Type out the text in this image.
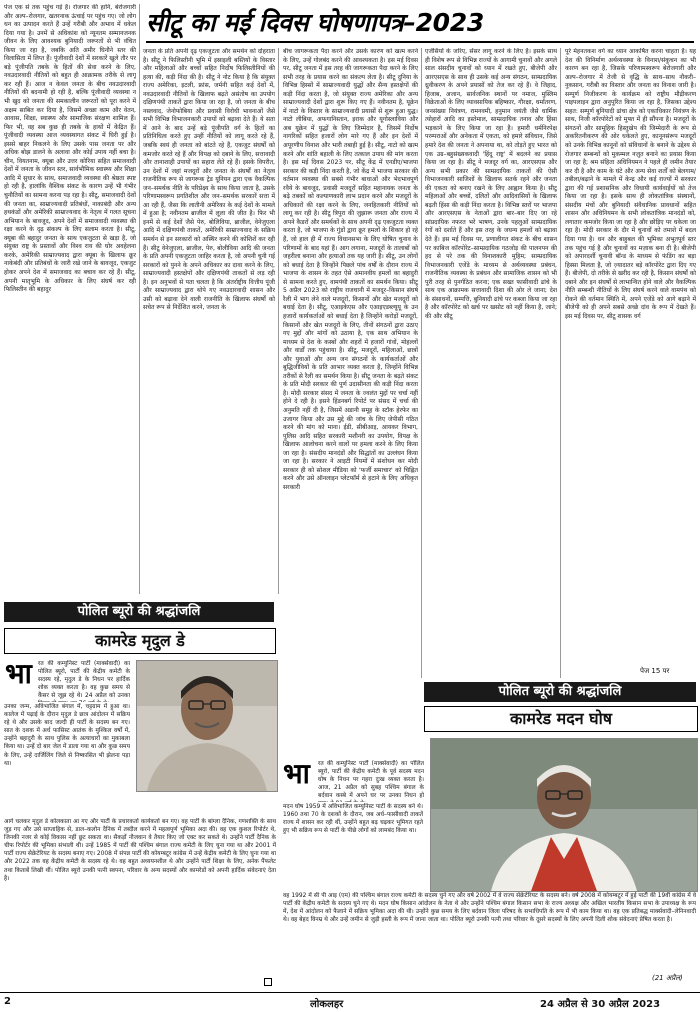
सीटू का मई दिवस घोषणापत्र–2023
पेज एक से तक पहुंच गई है। रोजगार की हानि, बेरोजगारी और अल्प–रोजगार, खतरनाक ऊंचाई पर पहुंच गए। जो लोग धन का उत्पादन करते हैं उन्हें गरीबी और अभाव में धकेल दिया गया है। उनमें से अधिकांश को न्यूनतम सम्मानजनक जीवन के लिए आवश्यक बुनियादी जरूरतों से भी वंचित किया जा रहा है, जबकि अति अमीर घिनौने स्तर की विलासिता में लिप्त हैं। पूंजीवादी देशों में सरकारें खुले तौर पर बड़े पूंजीपति तबके के हितों की सेवा करने के लिए, नवउदारवादी नीतियों को बहुत ही आक्रामक तरीके से लागू कर रही हैं। आज न केवल जनता के बीच नवउदारवादी नीतियों की बदनामी हो रही है, बल्कि पूंजीवादी व्यवस्था न भी खुद को जनता की समकालीन जरूरतों को पूरा करने में अक्षम साबित कर दिया है, जिसमें अच्छा काम और वेतन, आवास, शिक्षा, स्वास्थ्य और सामाजिक संरक्षण शामिल हैं। फिर भी, वह सब कुछ ही तबके के हाथों में केंद्रित हैं। पूंजीवादी व्यवस्था आज व्यवस्थागत संकट में घिरी हुई है। इससे बाहर निकलने के लिए उसके पास जनता पर और अधिक बोझ डालने के अलावा और कोई उपाय नहीं बचा है। चीन, वियतनाम, क्यूबा और उत्तर कोरिया सहित समाजवादी देशों में जनता के जीवन स्तर, सार्वभौमिक स्वास्थ्य और शिक्षा आदि में सुधार के साथ, समाजवादी व्यवस्था की श्रेष्ठता स्पष्ट हो रही है, हालांकि वैश्विक संकट के कारण उन्हें भी गंभीर चुनौतियों का सामना करना पड़ रहा है। सीटू, समाजवादी देशों की जनता का, साम्राज्यवादी प्रतिबंधों, नाकाबंदी और अन्य हथकंडों और अमेरिकी साम्राज्यवाद के नेतृत्व में गलत सूचना अभियान के बावजूद, अपने देशों में समाजवादी व्यवस्था की रक्षा करने के दृढ़ संकल्प के लिए सलाम करता है। सीटू, क्यूबा की बहादुर जनता के साथ एकजुटता से खड़ा है, जो संयुक्त राष्ट्र के प्रस्तावों और विश्व राय की घोर अवहेलना करके, अमेरिकी साम्राज्यवाद द्वारा क्यूबा के खिलाफ क्रूर नाकेबंदी और प्रतिबंधों के जारी रखे जाने के बावजूद, एकजुट होकर अपने देश में समाजवाद का बचाव कर रहे हैं। सीटू, अपनी मातृभूमि के अधिकार के लिए संघर्ष कर रही फिलिस्तीन की बहादुर
जनता के प्रति अपनी दृढ़ एकजुटता और समर्थन को दोहराता है। सीटू ने फिलिस्तीनी भूमि में इस्राइली बस्तियों के विस्तार और महिलाओं और बच्चों सहित निर्दोष फिलिस्तीनियों की हत्या की, कड़ी निंदा की है। सीटू ने नोट किया है कि संयुक्त राज्य अमेरिका, इटली, फ्रांस, जर्मनी सहित कई देशों में, नवउदारवादी नीतियों के खिलाफ बढ़ते असंतोष का उपयोग दक्षिणपंथी ताकतें द्वारा किया जा रहा है, जो जनता के बीच नस्लवाद, जेनोफोबिया और प्रवासी विरोधी भावनाओं जैसे सभी विभिन्न विभाजनकारी उपायों को बढ़ावा देते हैं। ये सता में आने के बाद उन्हें बड़े पूंजीपति वर्ग के हितों का प्रतिनिधित्व करते हुए उन्हीं नीतियों को लागू करते रहे हैं, जबकि स्वयं ही जनता को बांटते रहे हैं, एकजुट संघर्षों को कमजोर करते रहे हैं और विपक्ष को दबाने के लिए, सत्तावादी और तानाशाही उपायों का सहारा लेते रहे हैं। इसके विपरीत, उन देशों में जहां मजदूरों और जनता के संघर्षों का नेतृत्व राजनीतिक रूप से जागरूक ट्रेड यूनियन द्वारा एक वैकल्पिक जन–समर्थक नीति के परिप्रेक्ष्य के साथ किया जाता है, उसके परिणामस्वरूप प्रगतिशील और जन–समर्थक सरकारें सत्ता में आ रही हैं, जैसा कि लातीनी अमेरिका के कई देशों के मामले में हुआ है; नवीनतम ब्राजील में लूला की जीत है। फिर भी इनमें से कई देशों जैसे पेरु, बोलिविया, ब्राजील, वेनेजुएला आदि में दक्षिणपंथी ताकतें, अमेरिकी साम्राज्यवाद के सक्रिय समर्थन से इन सरकारों को अस्थिर करने की कोशिशें कर रही हैं। सीटू वेनेजुएला, ब्राजील, पेरु, बोलीविया आदि की जनता के प्रति अपनी एकजुटता जाहिर करता है, जो अपनी चुनी गई सरकारों को पुनने के अपने अधिकार का दावा करने के लिए, साम्राज्यवादी हस्तक्षेपों और दक्षिणपंथी ताकतों से लड़ रही है। इन अनुभवों से पता चलता है कि अंतर्राष्ट्रीय वित्तीय पूंजी और साम्राज्यवाद द्वारा थोपे गए नवउदारवादी शासन और उसी को बढ़ावा देने वाली राजनीति के खिलाफ संघर्षों को सचेत रूप से निर्देशित करने, जनता के
बीच जागरूकता पैदा करने और उसके कारण को खत्म करने के लिए, उन्हें गोलबंद करने की आवश्यकता है। इस मई दिवस पर, सीटू जनता में इस तरह की जागरूकता पैदा करने के लिए सभी तरह के प्रयास करने का संकल्प लेता है। सीटू दुनिया के विभिन्न हिस्सों में साम्राज्यवादी युद्धों और सैन्य हस्तक्षेपों की कड़ी निंदा करता है, जो संयुक्त राज्य अमेरिका और अन्य साम्राज्यवादी देशों द्वारा शुरू किए गए हैं। नवीनतम है, यूक्रेन में नाटो के विस्तार के साम्राज्यवादी प्रयासों से शुरू हुआ युद्ध। नाटो लीबिया, अफगानिस्तान, इराक और यूगोस्लाविया और अब यूक्रेन में युद्धों के लिए जिम्मेदार है, जिसमें निर्दोष नागरिकों सहित हजारों लोग मारे गए हैं और इन देशों में अपूरणीय विनाश और भारी तबाही हुई है। सीटू, नाटो को खत्म करने और शांति बहाली के लिए तत्काल उपाय की मांग करता है। इस मई दिवस 2023 पर, सीटू केंद्र में एनडीए/भाजपा सरकार की कड़ी निंदा करती है, जो केंद्र में भाजपा सरकार की वर्तमान व्यवस्था की सबसे गंभीर बाधाओं और भेदभावपूर्ण रवैये के बावजूद, प्रवासी मजदूरों सहित महानायक जनता के बढ़े तबकों को कल्याणकारी लाभ प्रदान करने और मजदूरों के अधिकारों की रक्षा करने के लिए, जनहितकारी नीतियों को लागू कर रही है। सीटू त्रिपुरा की जुझारू जनता और राज्य में अपने कैडरों और समर्थकों के साथ अपनी दृढ़ एकजुटता व्यक्त करता है, जो भाजपा के गुंडों द्वारा क्रूर हमलों के शिकार हो रहे हैं, जो हाल ही में राज्य विधानसभा के लिए घोषित चुनाव के परिणामों के बाद यहां हैं। आग लगाना, मजदूरों के तालाबों को जहरीला बनाना और हत्याओं तक यह जारी है। सीटू, उन लोगों को बधाई देता है जिन्होंने पिछले पांच वर्षों के दौरान राज्य में भाजपा के शासन के तहत ऐसे अमानवीय हमलों का बहादुरी से सामना करते हुए, वामपंथी ताकतों का समर्थन किया। सीटू 5 अप्रैल 2023 को राष्ट्रीय राजधानी में मजदूर–किसान संघर्ष रैली में भाग लेने वाले मजदूरों, किसानों और खेत मजदूरों को बधाई देता है। सीटू, एआइकेएस और एआइएडब्ल्यूयू के उन हजारों कार्यकर्ताओं को बधाई देता है जिन्होंने करोड़ों मजदूरों, किसानों और खेत मजदूरों के लिए, तीनों संगठनों द्वारा उठाए गए मुद्दों और मांगों को उठाया है, एक साथ अभियान के माध्यम से देश के कस्बों और शहरों में हजारों गांवों, मोहल्लों और वार्डों तक पहुंचाया है। सीटू, मजदूरों, महिलाओं, छात्रों और युवाओं और अन्य जन संगठनों के कार्यकर्ताओं और बुद्धिजीवियों के प्रति आभार व्यक्त करता है, जिन्होंने विभिन्न तरीकों से रैली का समर्थन किया है। सीटू जनता के बढ़ते संकट के प्रति मोदी सरकार की पूर्ण उदासीनता की कड़ी निंदा करता है। मोदी सरकार संसद में जनता के ज्वलंत मुद्दों पर चर्चा नहीं होने दे रही है। इसने हिंडनबर्ग रिपोर्ट पर संसद में चर्चा की अनुमति नहीं दी है, जिसमें अडानी समूह के स्टॉक हेरफेर का उजागर किया और उस मुद्दे की जांच के लिए जेपीसी गठित करने की मांग को माना। ईडी, सीबीआइ, आयकर विभाग, पुलिस आदि सहित सरकारी मशीनरी का उपयोग, विपक्ष के खिलाफ आलोचना करने वालों पर हमला करने के लिए किया जा रहा है। संसदीय मानदंडों और सिद्धांतों का उल्लंघन किया जा रहा है। सरकार ने आइटी नियमों में संशोधन कर मोदी सरकार ही को सोशल मीडिया को 'फर्जी समाचार' को चिह्नित करने और उसे ऑनलाइन प्लेटफॉर्म से हटाने के लिए अधिकृत सरकारी
एजेंसियों के जरिए, सेंसर लागू करने के लिए है। इसके साथ ही विशेष रूप से विभिन्न राज्यों के आगामी चुनावों और अगले साल संसदीय चुनावों को ध्यान में रखते हुए, बीजेपी और आरएसएस के साथ ही उसके कई अन्य संगठन, साम्प्रदायिक ध्रुवीकरण के अपने प्रयासों को तेज कर रहे हैं। वे जिहाद, हिजाब, अजान, सार्वजनिक स्थानों पर नमाज, मुस्लिम विक्रेताओं के लिए व्यावसायिक बहिष्कार, गौरक्षा, धर्मांतरण, जनसंख्या नियंत्रण, रामनवमी, हनुमान जयंती जैसे धार्मिक त्योहारों आदि का इस्तेमाल, साम्प्रदायिक तनाव और हिंसा भड़काने के लिए किया जा रहा है। हमारी धर्मनिरपेक्ष परम्पराओं और अनेकता में एकता, को हमारे संविधान, जिसे हमारे देश की जनता ने अपनाया था, को तोड़ते हुए भारत को एक उग्र–बहुसंख्यकवादी 'हिंदू राष्ट्र' में बदलने का प्रयास किया जा रहा है। सीटू ने मजदूर वर्ग का, आरएसएस और अन्य सभी प्रकार की साम्प्रदायिक ताकतों की ऐसी विभाजनकारी साजिशों के खिलाफ सतर्क रहने और जनता की एकता को बनाए रखने के लिए आह्वान किया है। सीटू महिलाओं और बच्चों, दलितों और आदिवासियों के खिलाफ बढ़ती हिंसा की कड़ी निंदा करता है। विभिन्न स्तरों पर भाजपा और आरएसएस के नेताओं द्वारा बार–बार दिए जा रहे सांप्रदायिक नफरत भरे भाषण, उनके पहलुओं साम्प्रदायिक रंगों को दर्शाते हैं और इस तरह के जघन्य हमलों को बढ़ावा देते हैं। इस मई दिवस पर, प्रणालीगत संकट के बीच शासन पर काबिज कॉरपोरेट–साम्प्रदायिक गठजोड़ की पालनपन की हद से परे तक की विनाशकारी मुहिम; साम्प्रदायिक विभाजनकारी एजेंडे के माध्यम से अर्थव्यवस्था प्रबंधन, राजनीतिक व्यवस्था के प्रबंधन और सामाजिक शासन को भी पूरी तरह से पुनर्गठित करना; एक सख्त फासीवादी ढांचे के साथ एक आक्रामक सत्तावादी दिशा की ओर ले जाना; देश के संसाधनों, सम्पत्ति, बुनियादी ढांचे पर कब्जा किया जा रहा है और कॉरपोरेट को खर्च पर खसोट को नहीं किया है, जाने; की और सीटू
पूरे मेहनतकश वर्ग का ध्यान आकर्षित करना चाहता है। यह देश की विनिर्माण अर्थव्यवस्था के विनाश/संकुचन का भी कारण बन रहा है, जिसके परिणामस्वरूप बेरोजगारी और अल्प–रोजगार में तेजी से वृद्धि के साथ–साथ नौकरी–नुकसान, गरीबी का विस्तार और जनता का विनाश जारी है। सम्पूर्ण निजीकरण के कार्यक्रम को राष्ट्रीय मौद्रीकरण पाइपलाइन द्वारा अनुपूरित किया जा रहा है, जिसका उद्देश्य सहत: सम्पूर्ण बुनियादी ढांचा क्षेत्र को एकाधिकार नियंत्रण के साथ, निजी कॉरपोरेटों को मुफ्त में ही सौंपना है। मजदूरों के संगठनों और सामूहिक हिस्तुखेप की जिम्मेदारी के रूप से अकरितनीकरण की ओर धकेलते हुए, कानूनसंरूप मजदूरों को उनके विभिन्न कानूनों को संविधानों के बनाने के उद्देश्य से रोजगार सम्बन्धों को मुकम्मल नज़ुत बनाने का प्रयास किया जा रहा है; श्रम संहिता अधिनियमन ने पहले ही जमीन तैयार कर दी है और काम के घंटे और अन्य सेवा शर्तों को बेलगाम/तबीला/बढ़ाने के मामले में केन्द्र और कई राज्यों में सरकार द्वारा की गई प्रशासनिक और विधायी कार्यवाईयों को तेज किया जा रहा है। इसके साथ ही लोकतांत्रिक संस्थानों, संसदीय मंचों और बुनियादी संवैधानिक प्रावधानों सहित शासन और अधिनियमन के सभी लोकतांत्रिक मानदंडों को, लगातार कमजोर किया जा रहा है और छोड़िए पर धकेला जा रहा है। मोदी सरकार के दौर में चुनावों को तमाशे में बदल दिया गया है। धन और बाहुबल की भूमिका अभूतपूर्व स्तर तक पहुंच गई है और चुनावों का मज़ाक बना दी है। बीजेपी को अपारदर्शी चुनावी बॉन्ड के माध्यम से फंडिंग का बड़ा हिस्सा मिलता है, जो ज़्यादातर बड़े कॉरपोरेट द्वारा दिए गए हैं। बीजेपी, दो तरीके से खरीद कर रही है, किसान संघर्षों को दबाने और इन संघर्षों से लाभान्वित होने वाले और वैकल्पिक नीति सम्बन्धी नीतियों के लिए संघर्ष करने वाले वामपंथ को रोकने की वर्तमान स्थिति में, अपने एजेंडे को आगे बढ़ाने में बीजेपी को ही अपने सबसे अच्छे दांव के रूप में देखते हैं। इस मई दिवस पर, सीटू शासक वर्ग
पेज 15 पर
पोलित ब्यूरो की श्रद्धांजलि
कामरेड मृदुल डे
भा रत की कम्युनिस्ट पार्टी (मार्क्सवादी) का पोलित ब्यूरो, पार्टी की केंद्रीय कमेटी के सदस्य रहे, मृदुल डे के निधन पर हार्दिक शोक व्यक्त करता है। वह कुछ समय से कैंसर से जूझ रहे थे। 24 अप्रैल को उनका
उनका जन्म, अविभाजित बंगाल में, चट्टग्राम में हुआ था। कालेज में पढ़ाई के दौरान मृदुल डे छात्र आंदोलन में सक्रिय रहे थे और उसके बाद जल्दी ही पार्टी के सदस्य बन गए। सात के दशक में अर्ध फासिस्ट आतंक के मुश्किल वर्षों में, उन्होंने बहादुरी के साथ पुलिस के अत्याचारों का मुकाबला किया था। उन्हें दो बार जेल में डाला गया था और कुछ समय के लिए, उन्हें दार्जिलिंग जिले से निष्कासित भी झेलना पड़ा था।
आगे चलकर मृदुल डे कोलकाता आ गए और पार्टी के प्रचारकर्ता कार्यकर्ता बन गए। वह पार्टी के बांग्ला दैनिक, गणशक्ति के साथ जुड़ गए और उसे साप्ताहिक से, डाल–कलोन दैनिक में तब्दील करने में महत्वपूर्ण भूमिका अदा की। वह एक कुशल रिपोर्टर थे, जिनकी नजर से कोई विकास नहीं छूट सकता था। सैकड़ों नौजवान वे तैयार किए जो एक्ट कर सकते थे। उन्होंने पार्टी दैनिक के चीफ रिपोर्टर की भूमिका संभाली थी। उन्हें 1985 में पार्टी की पश्चिम बंगाल राज्य कमेटी के लिए चुना गया था और 2001 में पार्टी राज्य सेक्रेटेरियट के सदस्य बनाए गए। 2008 में संपन्न पार्टी की कोयम्बटूर कांग्रेस में उन्हें केंद्रीय कमेटी के लिए चुना गया था और 2022 तक वह केंद्रीय कमेटी के सदस्य रहे थे। वह बहुत अध्ययनशील थे और उन्होंने पार्टी शिक्षा के लिए, अनेक पैंफलेट तथा किताबें लिखी थीं। पोलित ब्यूरो उनकी पत्नी स्वपना, परिवार के अन्य सदस्यों और कामरेडों को अपनी हार्दिक संवेदनाएं देता है।
पोलित ब्यूरो की श्रद्धांजलि
कामरेड मदन घोष
भा रत की कम्युनिस्ट पार्टी (मार्क्सवादी) का पोलित ब्यूरो, पार्टी की केंद्रीय कमेटी के पूर्व सदस्य मदन घोष के निधन पर गहरा दुःख व्यक्त करता है। आज, 21 अप्रैल को सुबह पश्चिम बंगाल के बर्दवान कस्बे में अपने घर पर उनका निधन हो
मदन घोष 1959 में अविभाजित कम्युनिस्ट पार्टी के सदस्य बने थे। 1960 तथा 70 के दशकों के दौरान, जब अर्ध–फासीवादी ताकतें राज्य में शासन कर रही थीं, उन्होंने बहुत बढ़ चढ़कर भूमिगत रहते हुए भी सक्रिय रूप से पार्टी के पीछे लोगों को लामबंद किया था।
वह 1992 में सी पी आइ (एम) की पश्चिम बंगाल राज्य कमेटी के सदस्य चुने गए और वर्ष 2002 में वे राज्य सेक्रेटेरियट के सदस्य बने। वर्ष 2008 में कोयम्बटूर में हुई पार्टी की 19वीं कांग्रेस में वे पार्टी की केंद्रीय कमेटी के सदस्य चुने गए थे। मदन घोष किसान आंदोलन के नेता थे और उन्होंने पश्चिम बंगाल किसान सभा के राज्य अध्यक्ष और अखिल भारतीय किसान सभा के उपाध्यक्ष के रूप में, देश में आंदोलन को फैलाने में सक्रिय भूमिका अदा की थी। उन्होंने कुछ समय के लिए बर्दवान जिला परिषद के सभाधिपति के रूप में भी काम किया था। वह एक प्रतिबद्ध मार्क्सवादी–लेनिनवादी थे। वह बेहद विनम्र थे और उन्हें जमीन से जुड़ी हस्ती के रूप में जाना जाता था। पोलित ब्यूरो उनकी पत्नी तथा परिवार के दूसरे सदस्यों के लिए अपनी दिली शोक संवेदनाएं प्रेषित करता है।
(21 अप्रैल)
2	लोकलहर	24 अप्रैल से 30 अप्रैल 2023
